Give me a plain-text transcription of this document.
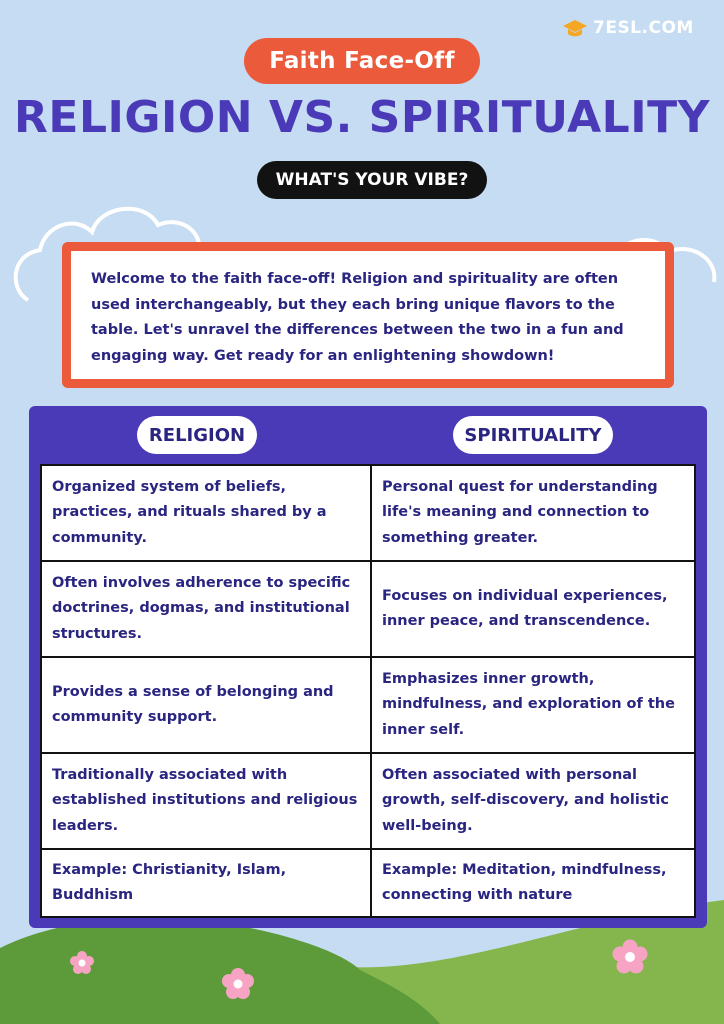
7ESL.COM
Faith Face-Off
RELIGION VS. SPIRITUALITY
WHAT'S YOUR VIBE?

Welcome to the faith face-off! Religion and spirituality are often used interchangeably, but they each bring unique flavors to the table. Let's unravel the differences between the two in a fun and engaging way. Get ready for an enlightening showdown!

RELIGION	SPIRITUALITY
Organized system of beliefs, practices, and rituals shared by a community.
Personal quest for understanding life's meaning and connection to something greater.
Often involves adherence to specific doctrines, dogmas, and institutional structures.
Focuses on individual experiences, inner peace, and transcendence.
Provides a sense of belonging and community support.
Emphasizes inner growth, mindfulness, and exploration of the inner self.
Traditionally associated with established institutions and religious leaders.
Often associated with personal growth, self-discovery, and holistic well-being.
Example: Christianity, Islam, Buddhism
Example: Meditation, mindfulness, connecting with nature
